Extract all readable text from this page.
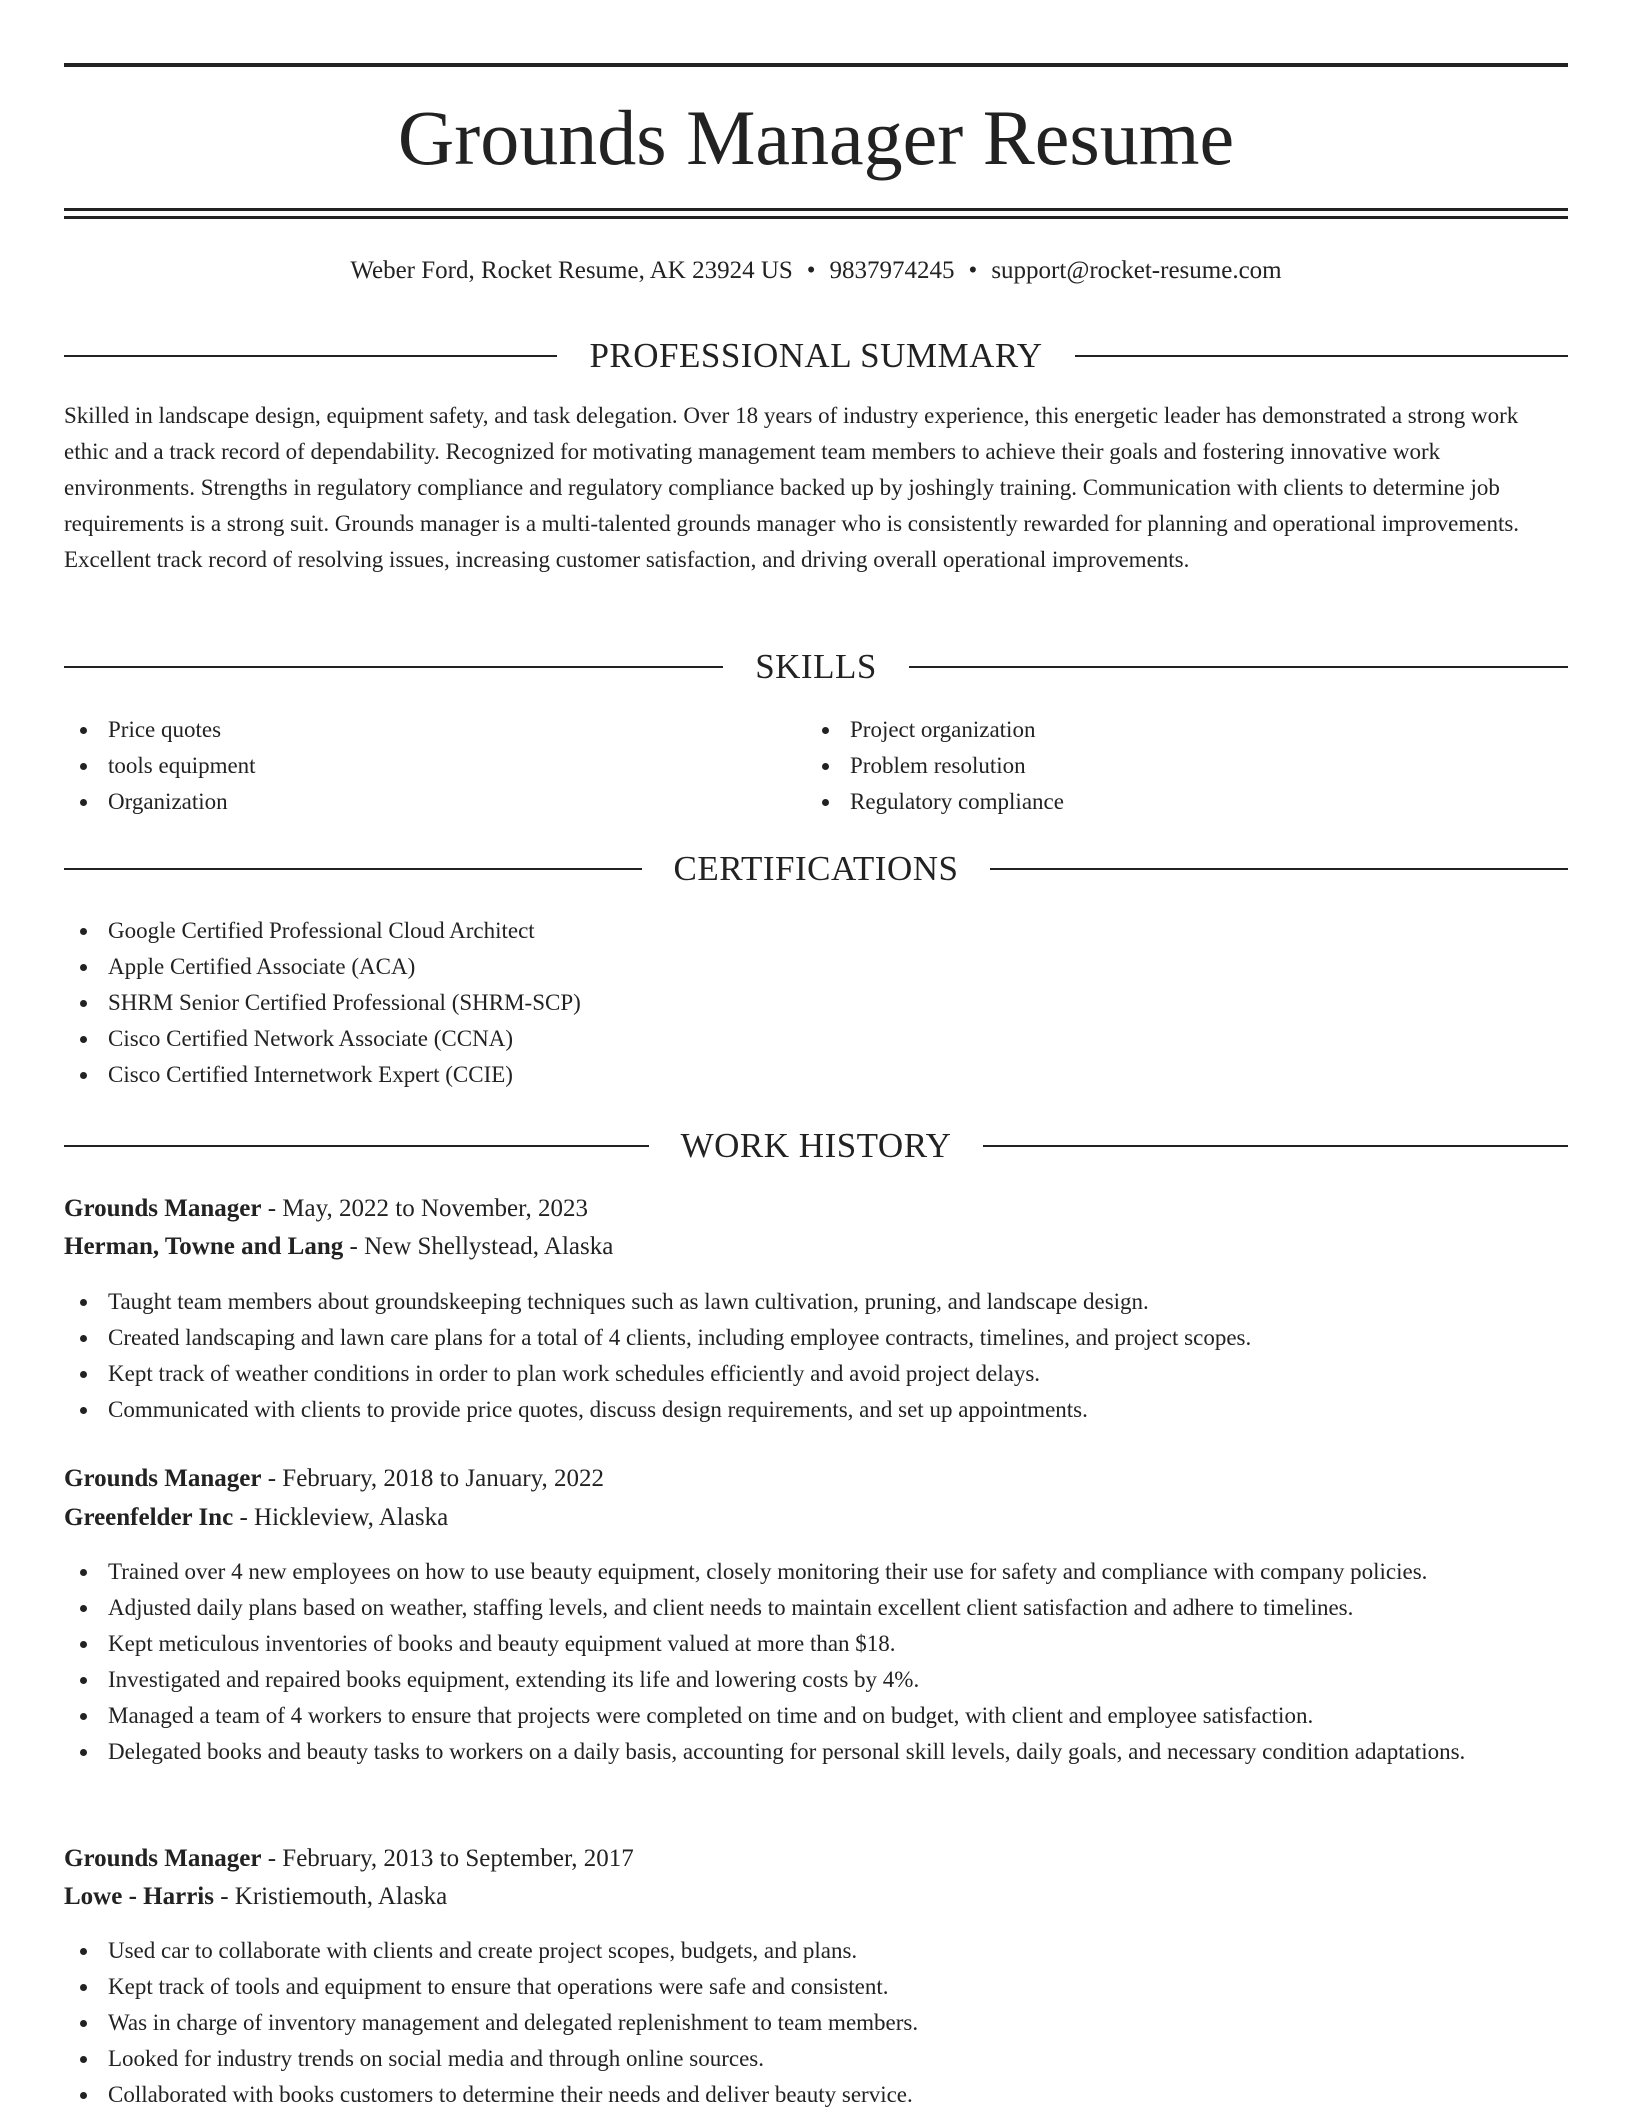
Grounds Manager Resume
Weber Ford, Rocket Resume, AK 23924 US • 9837974245 • support@rocket-resume.com
PROFESSIONAL SUMMARY

Skilled in landscape design, equipment safety, and task delegation. Over 18 years of industry experience, this energetic leader has demonstrated a strong work ethic and a track record of dependability. Recognized for motivating management team members to achieve their goals and fostering innovative work environments. Strengths in regulatory compliance and regulatory compliance backed up by joshingly training. Communication with clients to determine job requirements is a strong suit. Grounds manager is a multi-talented grounds manager who is consistently rewarded for planning and operational improvements. Excellent track record of resolving issues, increasing customer satisfaction, and driving overall operational improvements.

SKILLS
Price quotes
tools equipment
Organization
Project organization
Problem resolution
Regulatory compliance
CERTIFICATIONS
Google Certified Professional Cloud Architect
Apple Certified Associate (ACA)
SHRM Senior Certified Professional (SHRM-SCP)
Cisco Certified Network Associate (CCNA)
Cisco Certified Internetwork Expert (CCIE)
WORK HISTORY
Grounds Manager - May, 2022 to November, 2023
Herman, Towne and Lang - New Shellystead, Alaska
Taught team members about groundskeeping techniques such as lawn cultivation, pruning, and landscape design.
Created landscaping and lawn care plans for a total of 4 clients, including employee contracts, timelines, and project scopes.
Kept track of weather conditions in order to plan work schedules efficiently and avoid project delays.
Communicated with clients to provide price quotes, discuss design requirements, and set up appointments.
Grounds Manager - February, 2018 to January, 2022
Greenfelder Inc - Hickleview, Alaska
Trained over 4 new employees on how to use beauty equipment, closely monitoring their use for safety and compliance with company policies.
Adjusted daily plans based on weather, staffing levels, and client needs to maintain excellent client satisfaction and adhere to timelines.
Kept meticulous inventories of books and beauty equipment valued at more than $18.
Investigated and repaired books equipment, extending its life and lowering costs by 4%.
Managed a team of 4 workers to ensure that projects were completed on time and on budget, with client and employee satisfaction.
Delegated books and beauty tasks to workers on a daily basis, accounting for personal skill levels, daily goals, and necessary condition adaptations.
Grounds Manager - February, 2013 to September, 2017
Lowe - Harris - Kristiemouth, Alaska
Used car to collaborate with clients and create project scopes, budgets, and plans.
Kept track of tools and equipment to ensure that operations were safe and consistent.
Was in charge of inventory management and delegated replenishment to team members.
Looked for industry trends on social media and through online sources.
Collaborated with books customers to determine their needs and deliver beauty service.
